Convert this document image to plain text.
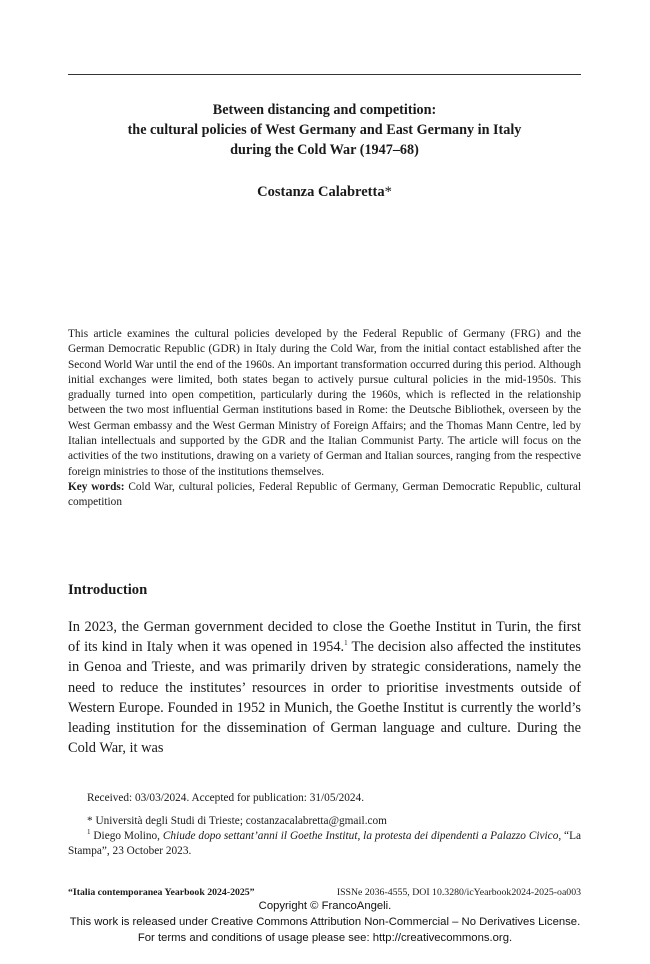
Between distancing and competition:
the cultural policies of West Germany and East Germany in Italy
during the Cold War (1947–68)
Costanza Calabretta*

This article examines the cultural policies developed by the Federal Republic of Germany (FRG) and the German Democratic Republic (GDR) in Italy during the Cold War, from the initial contact established after the Second World War until the end of the 1960s. An important transformation occurred during this period. Although initial exchanges were limited, both states began to actively pursue cultural policies in the mid-1950s. This gradually turned into open competition, particularly during the 1960s, which is reflected in the relationship between the two most influential German institutions based in Rome: the Deutsche Bibliothek, overseen by the West German embassy and the West German Ministry of Foreign Affairs; and the Thomas Mann Centre, led by Italian intellectuals and supported by the GDR and the Italian Communist Party. The article will focus on the activities of the two institutions, drawing on a variety of German and Italian sources, ranging from the respective foreign ministries to those of the institutions themselves.

Key words: Cold War, cultural policies, Federal Republic of Germany, German Democratic Republic, cultural competition

Introduction

In 2023, the German government decided to close the Goethe Institut in Turin, the first of its kind in Italy when it was opened in 1954.$^1$ The decision also affected the institutes in Genoa and Trieste, and was primarily driven by strategic considerations, namely the need to reduce the institutes’ resources in order to prioritise investments outside of Western Europe. Founded in 1952 in Munich, the Goethe Institut is currently the world’s leading institution for the dissemination of German language and culture. During the Cold War, it was

Received: 03/03/2024. Accepted for publication: 31/05/2024.

* Università degli Studi di Trieste; costanzacalabretta@gmail.com

$^1$ Diego Molino, Chiude dopo settant’anni il Goethe Institut, la protesta dei dipendenti a Palazzo Civico, “La Stampa”, 23 October 2023.

“Italia contemporanea Yearbook 2024-2025”	ISSNe 2036-4555, DOI 10.3280/icYearbook2024-2025-oa003
Copyright © FrancoAngeli.
This work is released under Creative Commons Attribution Non-Commercial – No Derivatives License.
For terms and conditions of usage please see: http://creativecommons.org.
